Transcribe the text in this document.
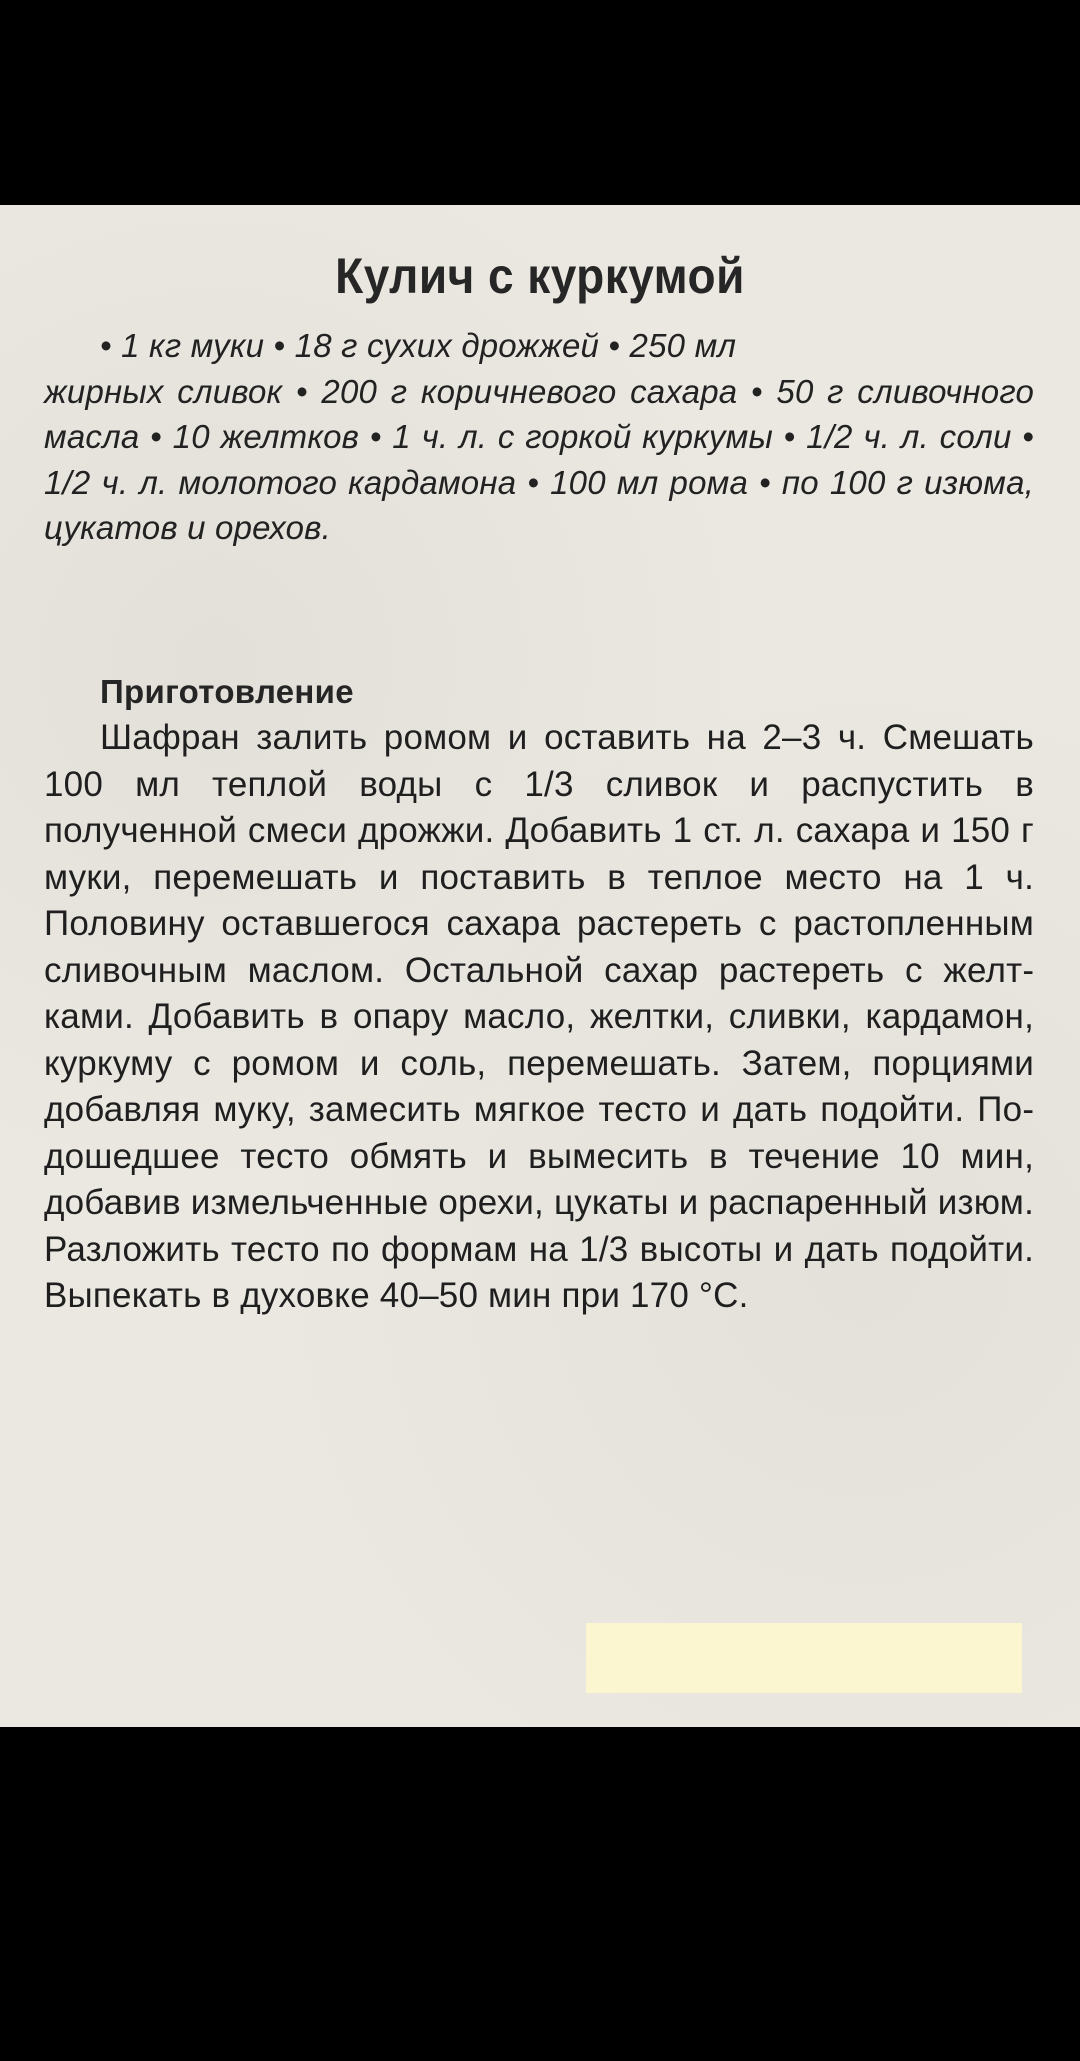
Кулич с куркумой
• 1 кг муки • 18 г сухих дрожжей • 250 мл
жирных сливок • 200 г коричневого сахара • 50 г сливочного масла • 10 желтков • 1 ч. л. с горкой куркумы • 1/2 ч. л. соли • 1/2 ч. л. молотого кардамона • 100 мл рома • по 100 г изюма, цукатов и орехов.
Приготовление
Шафран залить ромом и оставить на 2–3 ч. Смешать 100 мл теплой воды с 1/3 сливок и распустить в полученной смеси дрожжи. Добавить 1 ст. л. сахара и 150 г муки, перемешать и поставить в теплое место на 1 ч. Половину оставшегося сахара растереть с растопленным сливочным маслом. Остальной сахар растереть с желтками. Добавить в опару масло, желтки, сливки, кардамон, куркуму с ромом и соль, перемешать. Затем, порциями добавляя муку, замесить мягкое тесто и дать подойти. Подошедшее тесто обмять и вымесить в течение 10 мин, добавив измельченные орехи, цукаты и распаренный изюм. Разложить тесто по формам на 1/3 высоты и дать подойти. Выпекать в духовке 40–50 мин при 170 °С.
